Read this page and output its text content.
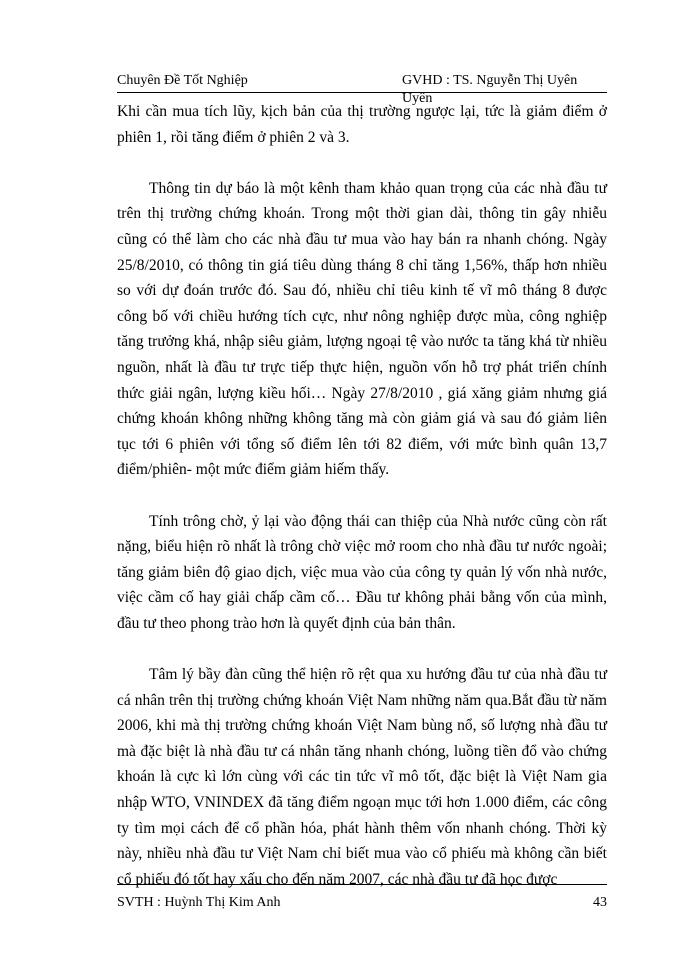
Chuyên Đề Tốt Nghiệp	GVHD : TS. Nguyễn Thị Uyên Uyên

Khi cần mua tích lũy, kịch bản của thị trường ngược lại, tức là giảm điểm ở phiên 1, rồi tăng điểm ở phiên 2 và 3.

Thông tin dự báo là một kênh tham khảo quan trọng của các nhà đầu tư trên thị trường chứng khoán. Trong một thời gian dài, thông tin gây nhiễu cũng có thể làm cho các nhà đầu tư mua vào hay bán ra nhanh chóng. Ngày 25/8/2010, có thông tin giá tiêu dùng tháng 8 chỉ tăng 1,56%, thấp hơn nhiều so với dự đoán trước đó. Sau đó, nhiều chỉ tiêu kinh tế vĩ mô tháng 8 được công bố với chiều hướng tích cực, như nông nghiệp được mùa, công nghiệp tăng trưởng khá, nhập siêu giảm, lượng ngoại tệ vào nước ta tăng khá từ nhiều nguồn, nhất là đầu tư trực tiếp thực hiện, nguồn vốn hỗ trợ phát triển chính thức giải ngân, lượng kiều hối… Ngày 27/8/2010 , giá xăng giảm nhưng giá chứng khoán không những không tăng mà còn giảm giá và sau đó giảm liên tục tới 6 phiên với tổng số điểm lên tới 82 điểm, với mức bình quân 13,7 điểm/phiên- một mức điểm giảm hiếm thấy.

Tính trông chờ, ỷ lại vào động thái can thiệp của Nhà nước cũng còn rất nặng, biểu hiện rõ nhất là trông chờ việc mở room cho nhà đầu tư nước ngoài; tăng giảm biên độ giao dịch, việc mua vào của công ty quản lý vốn nhà nước, việc cầm cố hay giải chấp cầm cố… Đầu tư không phải bằng vốn của mình, đầu tư theo phong trào hơn là quyết định của bản thân.

Tâm lý bầy đàn cũng thể hiện rõ rệt qua xu hướng đầu tư của nhà đầu tư cá nhân trên thị trường chứng khoán Việt Nam những năm qua.Bắt đầu từ năm 2006, khi mà thị trường chứng khoán Việt Nam bùng nổ, số lượng nhà đầu tư mà đặc biệt là nhà đầu tư cá nhân tăng nhanh chóng, luồng tiền đổ vào chứng khoán là cực kì lớn cùng với các tin tức vĩ mô tốt, đặc biệt là Việt Nam gia nhập WTO, VNINDEX đã tăng điểm ngoạn mục tới hơn 1.000 điểm, các công ty tìm mọi cách để cổ phần hóa, phát hành thêm vốn nhanh chóng. Thời kỳ này, nhiều nhà đầu tư Việt Nam chỉ biết mua vào cổ phiếu mà không cần biết cổ phiếu đó tốt hay xấu cho đến năm 2007, các nhà đầu tư đã học được

SVTH : Huỳnh Thị Kim Anh	43
